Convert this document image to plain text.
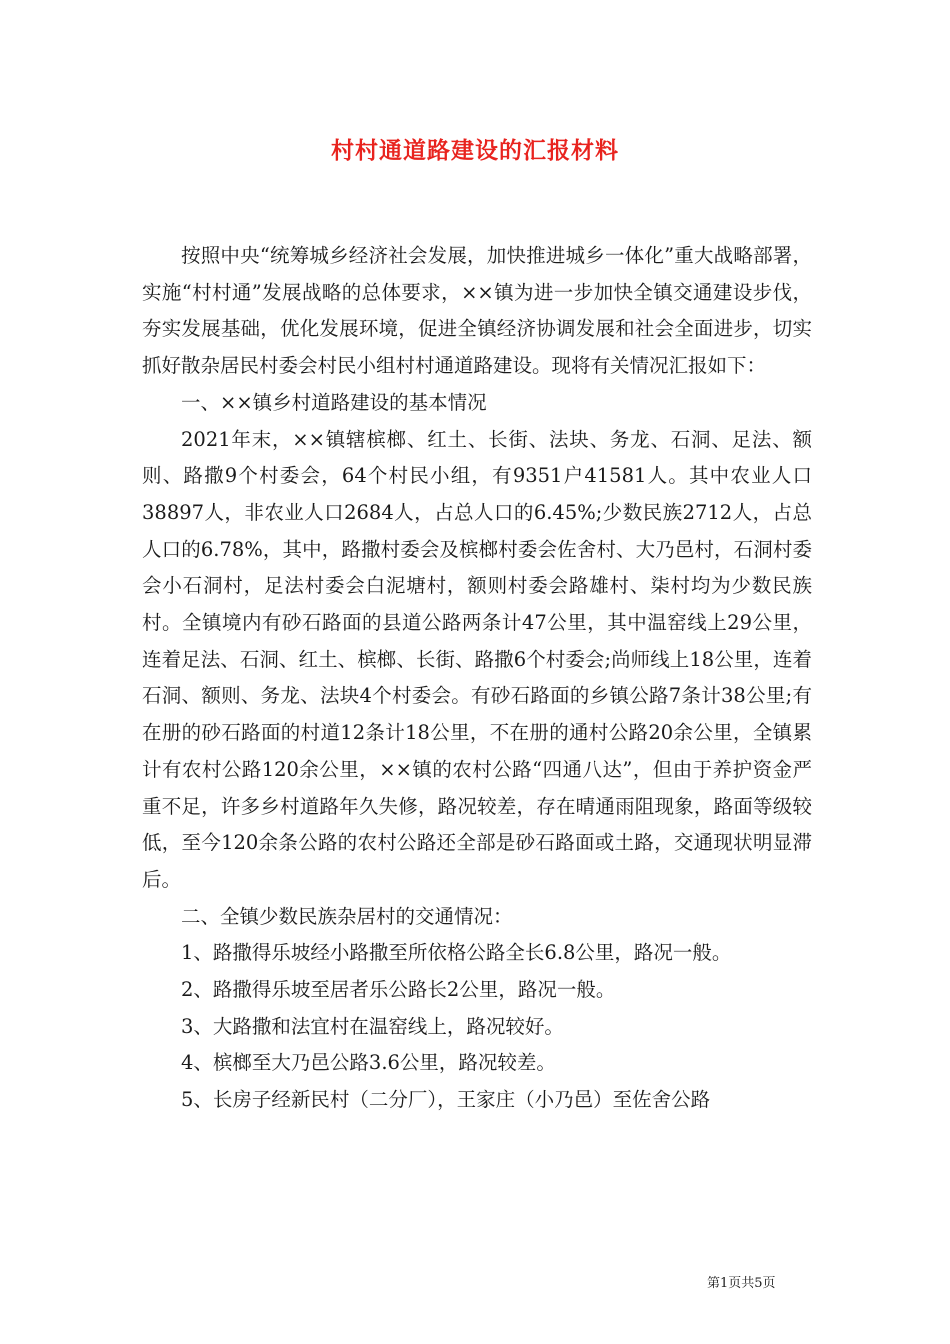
村村通道路建设的汇报材料

按照中央“统筹城乡经济社会发展，加快推进城乡一体化”重大战略部署，实施“村村通”发展战略的总体要求，××镇为进一步加快全镇交通建设步伐，夯实发展基础，优化发展环境，促进全镇经济协调发展和社会全面进步，切实抓好散杂居民村委会村民小组村村通道路建设。现将有关情况汇报如下：

一、××镇乡村道路建设的基本情况

2021年末，××镇辖槟榔、红土、长街、法块、务龙、石洞、足法、额则、路撒9个村委会，64个村民小组，有9351户41581人。其中农业人口38897人，非农业人口2684人，占总人口的6.45%;少数民族2712人，占总人口的6.78%，其中，路撒村委会及槟榔村委会佐舍村、大乃邑村，石洞村委会小石洞村，足法村委会白泥塘村，额则村委会路雄村、柒村均为少数民族村。全镇境内有砂石路面的县道公路两条计47公里，其中温窑线上29公里，连着足法、石洞、红土、槟榔、长街、路撒6个村委会;尚师线上18公里，连着石洞、额则、务龙、法块4个村委会。有砂石路面的乡镇公路7条计38公里;有在册的砂石路面的村道12条计18公里，不在册的通村公路20余公里，全镇累计有农村公路120余公里，××镇的农村公路“四通八达”，但由于养护资金严重不足，许多乡村道路年久失修，路况较差，存在晴通雨阻现象，路面等级较低，至今120余条公路的农村公路还全部是砂石路面或土路，交通现状明显滞后。

二、全镇少数民族杂居村的交通情况：

1、路撒得乐坡经小路撒至所依格公路全长6.8公里，路况一般。

2、路撒得乐坡至居者乐公路长2公里，路况一般。

3、大路撒和法宜村在温窑线上，路况较好。

4、槟榔至大乃邑公路3.6公里，路况较差。

5、长房子经新民村（二分厂），王家庄（小乃邑）至佐舍公路

第1页共5页
